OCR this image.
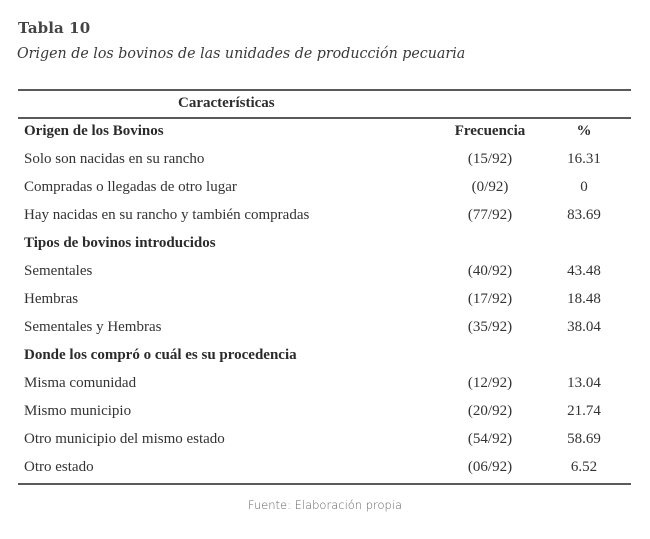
Tabla 10
Origen de los bovinos de las unidades de producción pecuaria
Características
Origen de los Bovinos	Frecuencia	%
Solo son nacidas en su rancho	(15/92)	16.31
Compradas o llegadas de otro lugar	(0/92)	0
Hay nacidas en su rancho y también compradas	(77/92)	83.69
Tipos de bovinos introducidos
Sementales	(40/92)	43.48
Hembras	(17/92)	18.48
Sementales y Hembras	(35/92)	38.04
Donde los compró o cuál es su procedencia
Misma comunidad	(12/92)	13.04
Mismo municipio	(20/92)	21.74
Otro municipio del mismo estado	(54/92)	58.69
Otro estado	(06/92)	6.52
Fuente: Elaboración propia
